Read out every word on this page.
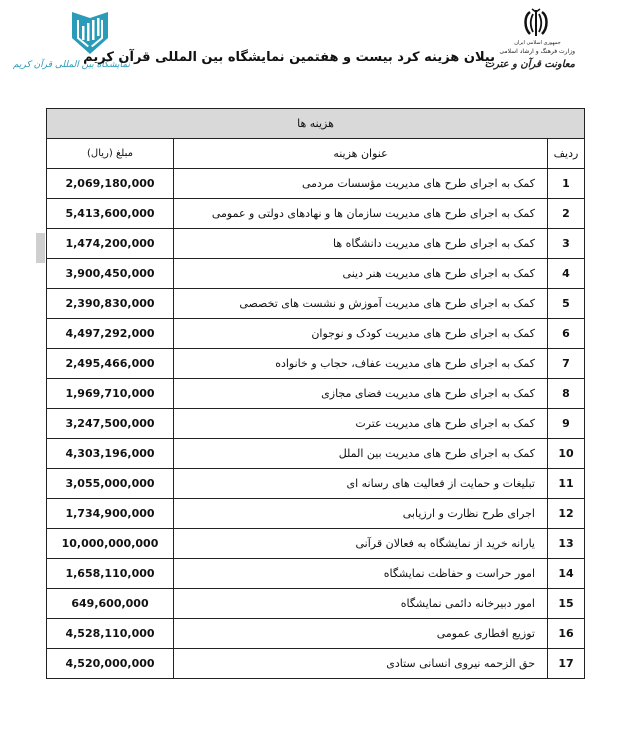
نمایشگاه بین المللی قرآن کریم
بیلان هزینه کرد بیست و هفتمین نمایشگاه بین المللی قرآن کریم
جمهوری اسلامی ایران
وزارت فرهنگ و ارشاد اسلامی
معاونت قرآن و عترت
هزینه ها		
ردیف	عنوان هزینه	مبلغ (ریال)
1	کمک به اجرای طرح های مدیریت مؤسسات مردمی	2,069,180,000
2	کمک به اجرای طرح های مدیریت سازمان ها و نهادهای دولتی و عمومی	5,413,600,000
3	کمک به اجرای طرح های مدیریت دانشگاه ها	1,474,200,000
4	کمک به اجرای طرح های مدیریت هنر دینی	3,900,450,000
5	کمک به اجرای طرح های مدیریت آموزش و نشست های تخصصی	2,390,830,000
6	کمک به اجرای طرح های مدیریت کودک و نوجوان	4,497,292,000
7	کمک به اجرای طرح های مدیریت عفاف، حجاب و خانواده	2,495,466,000
8	کمک به اجرای طرح های مدیریت فضای مجازی	1,969,710,000
9	کمک به اجرای طرح های مدیریت عترت	3,247,500,000
10	کمک به اجرای طرح های مدیریت بین الملل	4,303,196,000
11	تبلیغات و حمایت از فعالیت های رسانه ای	3,055,000,000
12	اجرای طرح نظارت و ارزیابی	1,734,900,000
13	یارانه خرید از نمایشگاه به فعالان قرآنی	10,000,000,000
14	امور حراست و حفاظت نمایشگاه	1,658,110,000
15	امور دبیرخانه دائمی نمایشگاه	649,600,000
16	توزیع افطاری عمومی	4,528,110,000
17	حق الزحمه نیروی انسانی ستادی	4,520,000,000
